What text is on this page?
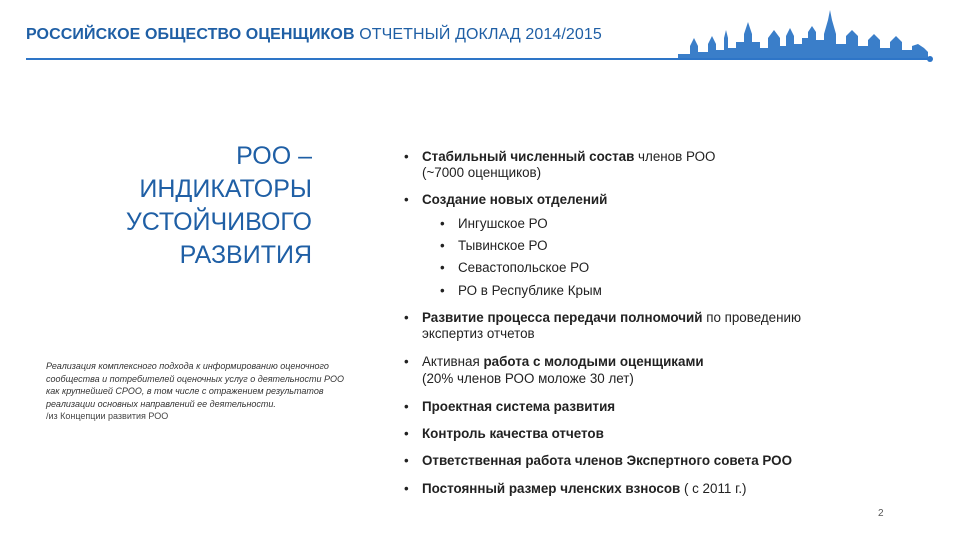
РОССИЙСКОЕ ОБЩЕСТВО ОЦЕНЩИКОВ ОТЧЕТНЫЙ ДОКЛАД 2014/2015
РОО –
ИНДИКАТОРЫ
УСТОЙЧИВОГО
РАЗВИТИЯ
Реализация комплексного подхода к информированию оценочного сообщества и потребителей оценочных услуг о деятельности РОО как крупнейшей СРОО, в том числе с отражением результатов реализации основных направлений ее деятельности.
/из Концепции развития РОО
• Стабильный численный состав членов РОО
(~7000 оценщиков)
• Создание новых отделений
• Ингушское РО
• Тывинское РО
• Севастопольское РО
• РО в Республике Крым
• Развитие процесса передачи полномочий по проведению
экспертиз отчетов
• Активная работа с молодыми оценщиками
(20% членов РОО моложе 30 лет)
• Проектная система развития
• Контроль качества отчетов
• Ответственная работа членов Экспертного совета РОО
• Постоянный размер членских взносов ( с 2011 г.)
2
